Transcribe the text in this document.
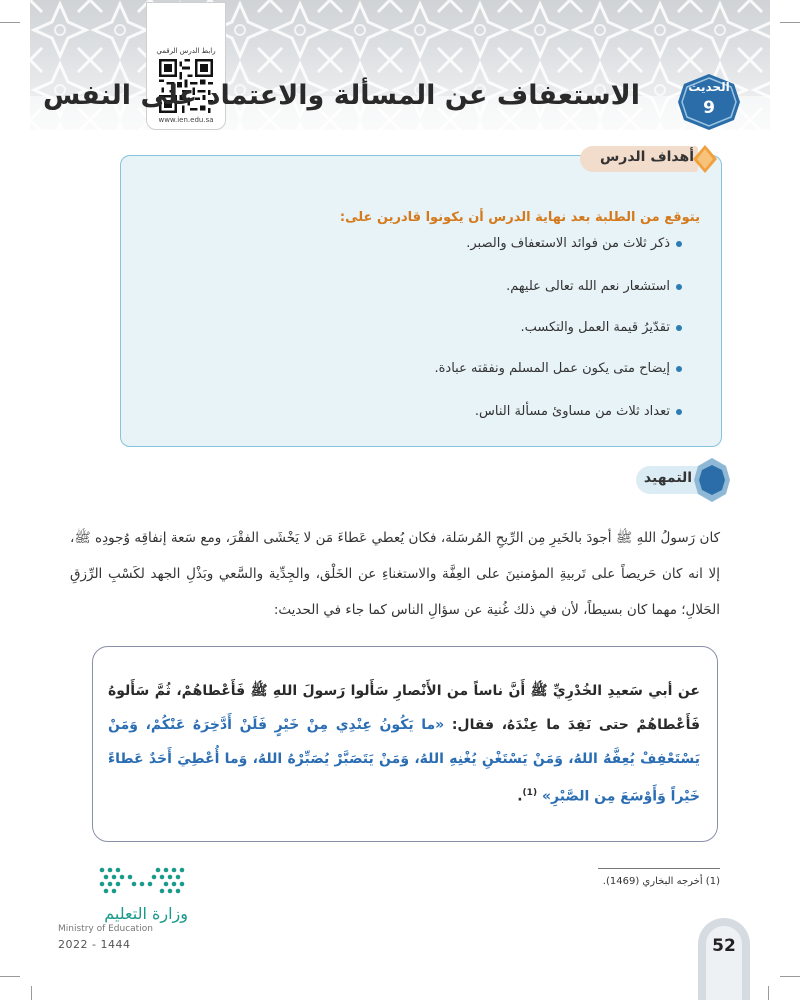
رابط الدرس الرقمي
www.ien.edu.sa
الاستعفاف عن المسألة والاعتماد على النفس	الحديث
9
أهداف الدرس
يتوقع من الطلبة بعد نهاية الدرس أن يكونوا قادرين على:
ذكر ثلاث من فوائد الاستعفاف والصبر.
استشعار نعم الله تعالى عليهم.
تقدّيرُ قيمة العمل والتكسب.
إيضاح متى يكون عمل المسلم ونفقته عبادة.
تعداد ثلاث من مساوئ مسألة الناس.
التمهيد
كان رَسولُ اللهِ ﷺ أجودَ بالخَيرِ مِن الرِّيحِ المُرسَلة، فكان يُعطي عَطاءَ مَن لا يَخْشَى الفقْرَ، ومع سَعة إنفاقِه وُجودِه ﷺ، إلا انه كان حَريصاً على تَربيةِ المؤمنينَ على العِفَّة والاستغناءِ عن الخَلْق، والجِدِّية والسَّعي وبَذْلِ الجهد لكَسْبِ الرِّزقِ الحَلالِ؛ مهما كان بسيطاً، لأن في ذلك غُنية عن سؤالِ الناس كما جاء في الحديث:
عن أبي سَعيدِ الخُدْرِيِّ ﷺ أَنَّ ناساً من الأَنْصارِ سَأَلوا رَسولَ اللهِ ﷺ فَأَعْطاهُمْ، ثُمَّ سَأَلوهُ فَأَعْطاهُمْ حتى نَفِدَ ما عِنْدَهُ، فقال: «ما يَكُونُ عِنْدِي مِنْ خَيْرٍ فَلَنْ أَدَّخِرَهُ عَنْكُمْ، وَمَنْ يَسْتَعْفِفْ يُعِفَّهُ اللهُ، وَمَنْ يَسْتَغْنِ يُغْنِهِ اللهُ، وَمَنْ يَتَصَبَّرْ يُصَبِّرْهُ اللهُ، وَما أُعْطِيَ أَحَدٌ عَطاءً خَيْراً وَأَوْسَعَ مِن الصَّبْرِ» $^{(1)}$.
(1) أخرجه البخاري (1469).
وزارة التعليم
Ministry of Education
2022 - 1444	52
